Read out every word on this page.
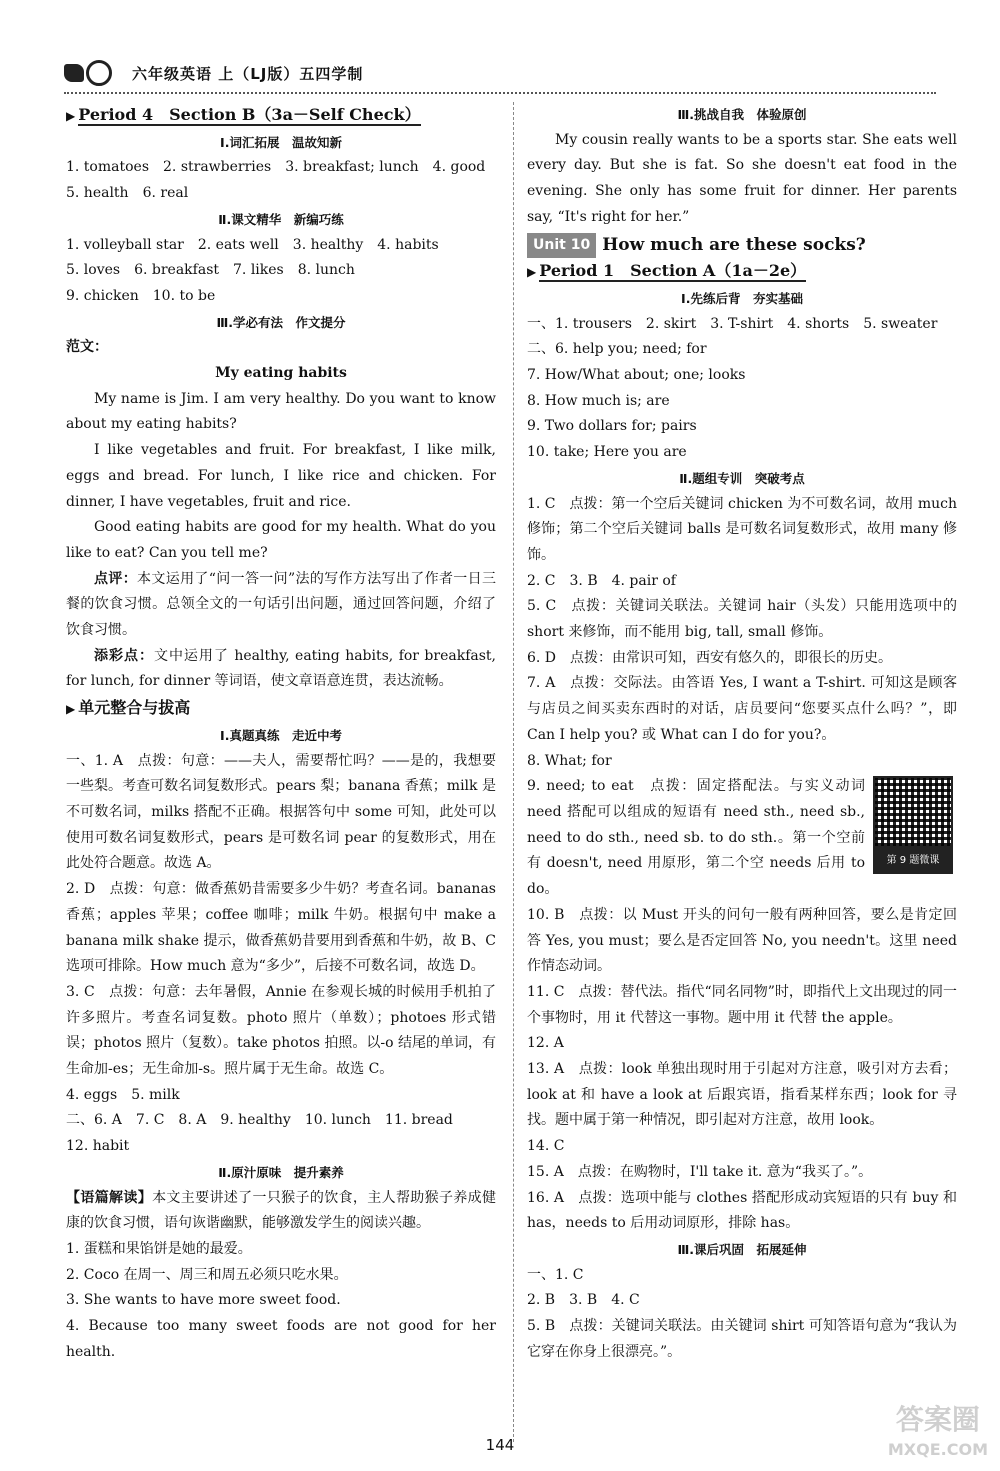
六年级英语 上（LJ版）五四学制

▶ Period 4　Section B（3a－Self Check）

Ⅰ.词汇拓展　温故知新

1. tomatoes　2. strawberries　3. breakfast; lunch　4. good

5. health　6. real

Ⅱ.课文精华　新编巧练

1. volleyball star　2. eats well　3. healthy　4. habits

5. loves　6. breakfast　7. likes　8. lunch

9. chicken　10. to be

Ⅲ.学必有法　作文提分

范文：

My eating habits

My name is Jim. I am very healthy. Do you want to know about my eating habits?

I like vegetables and fruit. For breakfast, I like milk, eggs and bread. For lunch, I like rice and chicken. For dinner, I have vegetables, fruit and rice.

Good eating habits are good for my health. What do you like to eat? Can you tell me?

点评：本文运用了“问一答一问”法的写作方法写出了作者一日三餐的饮食习惯。总领全文的一句话引出问题，通过回答问题，介绍了饮食习惯。

添彩点：文中运用了 healthy, eating habits, for breakfast, for lunch, for dinner 等词语，使文章语意连贯，表达流畅。

▶ 单元整合与拔高

Ⅰ.真题真练　走近中考

一、1. A　点拨：句意：——夫人，需要帮忙吗？——是的，我想要一些梨。考查可数名词复数形式。pears 梨；banana 香蕉；milk 是不可数名词，milks 搭配不正确。根据答句中 some 可知，此处可以使用可数名词复数形式，pears 是可数名词 pear 的复数形式，用在此处符合题意。故选 A。

2. D　点拨：句意：做香蕉奶昔需要多少牛奶？考查名词。bananas 香蕉；apples 苹果；coffee 咖啡；milk 牛奶。根据句中 make a banana milk shake 提示，做香蕉奶昔要用到香蕉和牛奶，故 B、C 选项可排除。How much 意为“多少”，后接不可数名词，故选 D。

3. C　点拨：句意：去年暑假，Annie 在参观长城的时候用手机拍了许多照片。考查名词复数。photo 照片（单数）；photoes 形式错误；photos 照片（复数）。take photos 拍照。以-o 结尾的单词，有生命加-es；无生命加-s。照片属于无生命。故选 C。

4. eggs　5. milk

二、6. A　7. C　8. A　9. healthy　10. lunch　11. bread

12. habit

Ⅱ.原汁原味　提升素养

【语篇解读】本文主要讲述了一只猴子的饮食，主人帮助猴子养成健康的饮食习惯，语句诙谐幽默，能够激发学生的阅读兴趣。

1. 蛋糕和果馅饼是她的最爱。

2. Coco 在周一、周三和周五必须只吃水果。

3. She wants to have more sweet food.

4. Because too many sweet foods are not good for her health.

Ⅲ.挑战自我　体验原创

My cousin really wants to be a sports star. She eats well every day. But she is fat. So she doesn't eat food in the evening. She only has some fruit for dinner. Her parents say, “It's right for her.”

Unit 10 How much are these socks?

▶ Period 1　Section A（1a－2e）

Ⅰ.先练后背　夯实基础

一、1. trousers　2. skirt　3. T-shirt　4. shorts　5. sweater

二、6. help you; need; for

7. How/What about; one; looks

8. How much is; are

9. Two dollars for; pairs

10. take; Here you are

Ⅱ.题组专训　突破考点

1. C　点拨：第一个空后关键词 chicken 为不可数名词，故用 much 修饰；第二个空后关键词 balls 是可数名词复数形式，故用 many 修饰。

2. C　3. B　4. pair of

5. C　点拨：关键词关联法。关键词 hair（头发）只能用选项中的 short 来修饰，而不能用 big, tall, small 修饰。

6. D　点拨：由常识可知，西安有悠久的，即很长的历史。

7. A　点拨：交际法。由答语 Yes, I want a T-shirt. 可知这是顾客与店员之间买卖东西时的对话，店员要问“您要买点什么吗？”，即 Can I help you? 或 What can I do for you?。

8. What; for

第 9 题微课

9. need; to eat　点拨：固定搭配法。与实义动词 need 搭配可以组成的短语有 need sth., need sb., need to do sth., need sb. to do sth.。第一个空前有 doesn't, need 用原形，第二个空 needs 后用 to do。

10. B　点拨：以 Must 开头的问句一般有两种回答，要么是肯定回答 Yes, you must；要么是否定回答 No, you needn't。这里 need 作情态动词。

11. C　点拨：替代法。指代“同名同物”时，即指代上文出现过的同一个事物时，用 it 代替这一事物。题中用 it 代替 the apple。

12. A

13. A　点拨：look 单独出现时用于引起对方注意，吸引对方去看；look at 和 have a look at 后跟宾语，指看某样东西；look for 寻找。题中属于第一种情况，即引起对方注意，故用 look。

14. C

15. A　点拨：在购物时，I'll take it. 意为“我买了。”。

16. A　点拨：选项中能与 clothes 搭配形成动宾短语的只有 buy 和 has，needs to 后用动词原形，排除 has。

Ⅲ.课后巩固　拓展延伸

一、1. C

2. B　3. B　4. C

5. B　点拨：关键词关联法。由关键词 shirt 可知答语句意为“我认为它穿在你身上很漂亮。”。

144
答案圈
MXQE.COM
